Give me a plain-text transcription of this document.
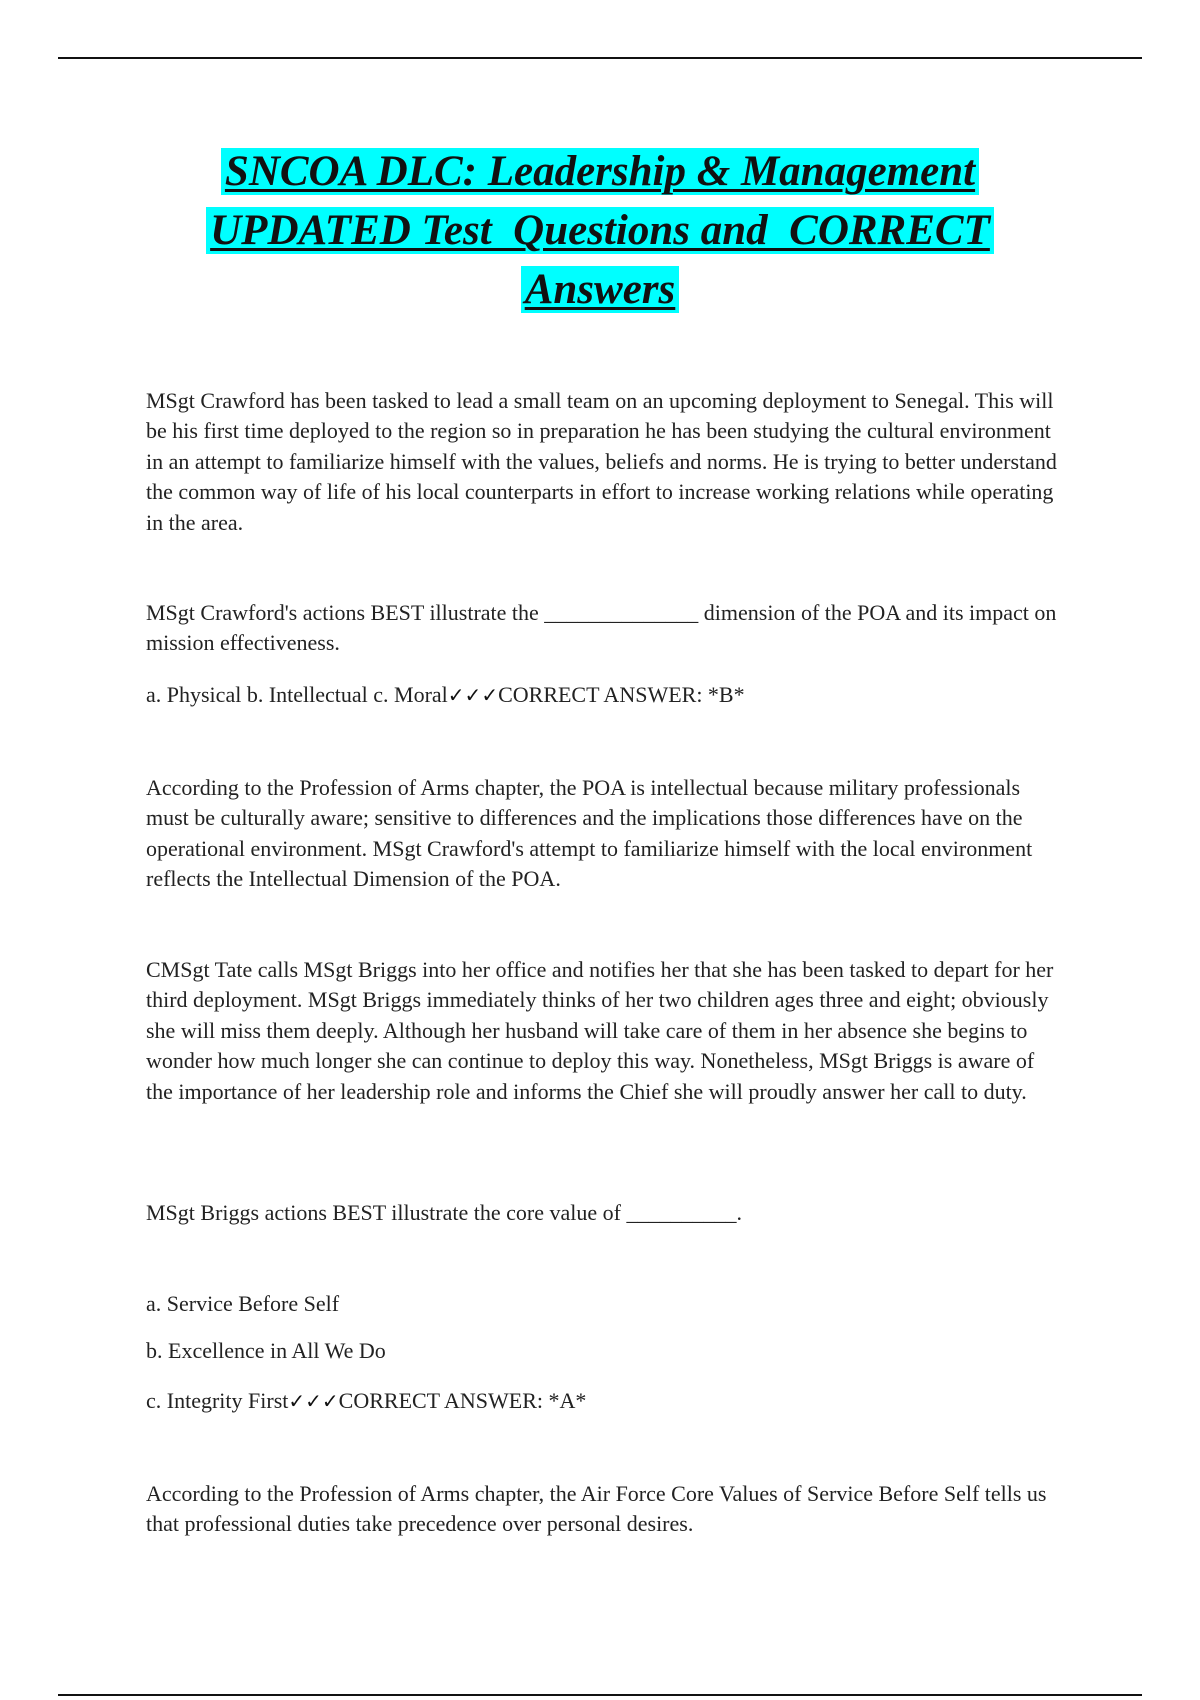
SNCOA DLC: Leadership & Management
UPDATED Test  Questions and  CORRECT
Answers

MSgt Crawford has been tasked to lead a small team on an upcoming deployment to Senegal. This will be his first time deployed to the region so in preparation he has been studying the cultural environment in an attempt to familiarize himself with the values, beliefs and norms. He is trying to better understand the common way of life of his local counterparts in effort to increase working relations while operating in the area.

MSgt Crawford's actions BEST illustrate the ______________ dimension of the POA and its impact on mission effectiveness.

a. Physical b. Intellectual c. Moral✓✓✓CORRECT ANSWER: *B*

According to the Profession of Arms chapter, the POA is intellectual because military professionals must be culturally aware; sensitive to differences and the implications those differences have on the operational environment. MSgt Crawford's attempt to familiarize himself with the local environment reflects the Intellectual Dimension of the POA.

CMSgt Tate calls MSgt Briggs into her office and notifies her that she has been tasked to depart for her third deployment. MSgt Briggs immediately thinks of her two children ages three and eight; obviously she will miss them deeply. Although her husband will take care of them in her absence she begins to wonder how much longer she can continue to deploy this way. Nonetheless, MSgt Briggs is aware of the importance of her leadership role and informs the Chief she will proudly answer her call to duty.

MSgt Briggs actions BEST illustrate the core value of __________.

a. Service Before Self

b. Excellence in All We Do

c. Integrity First✓✓✓CORRECT ANSWER: *A*

According to the Profession of Arms chapter, the Air Force Core Values of Service Before Self tells us that professional duties take precedence over personal desires.
